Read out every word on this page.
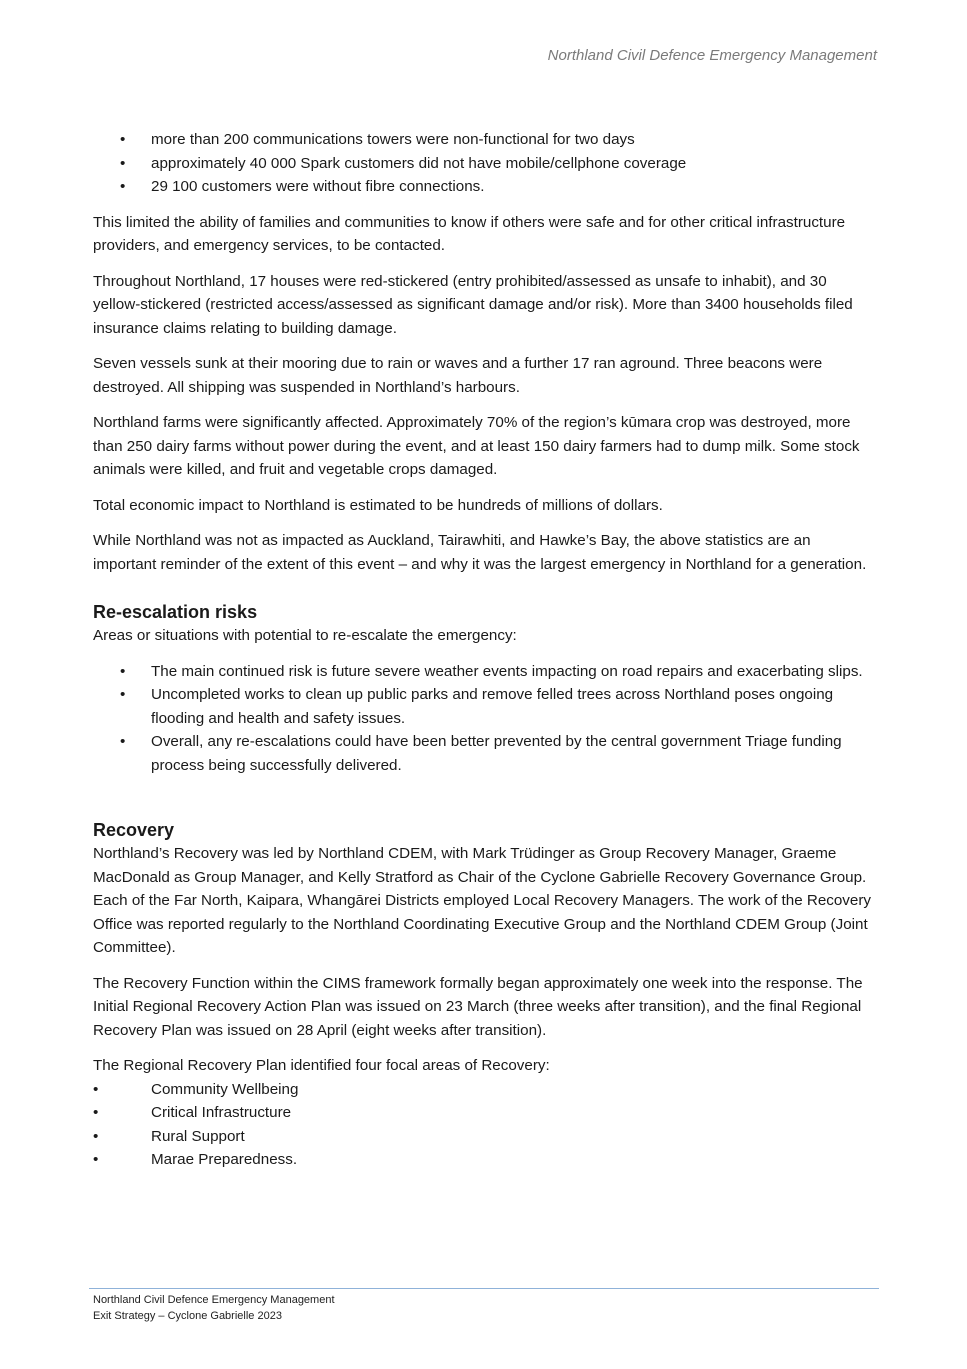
Northland Civil Defence Emergency Management
• more than 200 communications towers were non-functional for two days
• approximately 40 000 Spark customers did not have mobile/cellphone coverage
• 29 100 customers were without fibre connections.

This limited the ability of families and communities to know if others were safe and for other critical infrastructure providers, and emergency services, to be contacted.

Throughout Northland, 17 houses were red-stickered (entry prohibited/assessed as unsafe to inhabit), and 30 yellow-stickered (restricted access/assessed as significant damage and/or risk). More than 3400 households filed insurance claims relating to building damage.

Seven vessels sunk at their mooring due to rain or waves and a further 17 ran aground. Three beacons were destroyed. All shipping was suspended in Northland’s harbours.

Northland farms were significantly affected. Approximately 70% of the region’s kūmara crop was destroyed, more than 250 dairy farms without power during the event, and at least 150 dairy farmers had to dump milk. Some stock animals were killed, and fruit and vegetable crops damaged.

Total economic impact to Northland is estimated to be hundreds of millions of dollars.

While Northland was not as impacted as Auckland, Tairawhiti, and Hawke’s Bay, the above statistics are an important reminder of the extent of this event – and why it was the largest emergency in Northland for a generation.

Re-escalation risks

Areas or situations with potential to re-escalate the emergency:

• The main continued risk is future severe weather events impacting on road repairs and exacerbating slips.
• Uncompleted works to clean up public parks and remove felled trees across Northland poses ongoing flooding and health and safety issues.
• Overall, any re-escalations could have been better prevented by the central government Triage funding process being successfully delivered.
Recovery

Northland’s Recovery was led by Northland CDEM, with Mark Trüdinger as Group Recovery Manager, Graeme MacDonald as Group Manager, and Kelly Stratford as Chair of the Cyclone Gabrielle Recovery Governance Group. Each of the Far North, Kaipara, Whangārei Districts employed Local Recovery Managers. The work of the Recovery Office was reported regularly to the Northland Coordinating Executive Group and the Northland CDEM Group (Joint Committee).

The Recovery Function within the CIMS framework formally began approximately one week into the response. The Initial Regional Recovery Action Plan was issued on 23 March (three weeks after transition), and the final Regional Recovery Plan was issued on 28 April (eight weeks after transition).

The Regional Recovery Plan identified four focal areas of Recovery:

•	Community Wellbeing
•	Critical Infrastructure
•	Rural Support
•	Marae Preparedness.
Northland Civil Defence Emergency Management
Exit Strategy – Cyclone Gabrielle 2023
